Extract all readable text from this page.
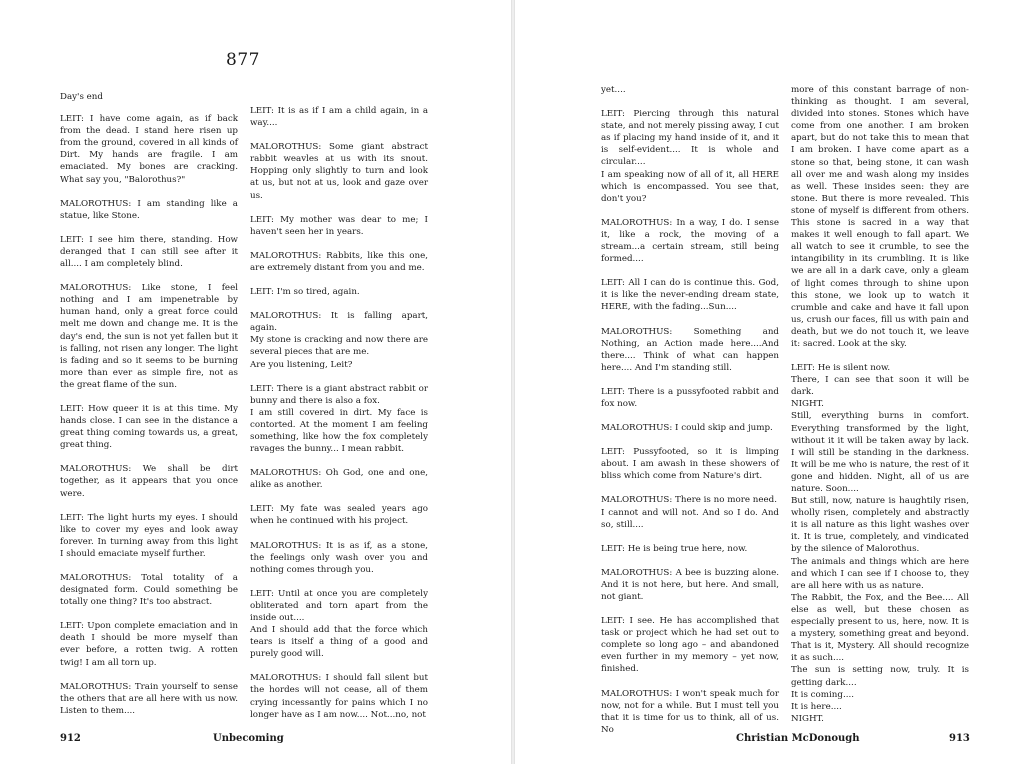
877

Day's end

LEIT: I have come again, as if back from the dead. I stand here risen up from the ground, covered in all kinds of Dirt. My hands are fragile. I am emaciated. My bones are cracking. What say you, "Balorothus?"

MALOROTHUS: I am standing like a statue, like Stone.

LEIT: I see him there, standing. How deranged that I can still see after it all.... I am completely blind.

MALOROTHUS: Like stone, I feel nothing and I am impenetrable by human hand, only a great force could melt me down and change me. It is the day's end, the sun is not yet fallen but it is falling, not risen any longer. The light is fading and so it seems to be burning more than ever as simple fire, not as the great flame of the sun.

LEIT: How queer it is at this time. My hands close. I can see in the distance a great thing coming towards us, a great, great thing.

MALOROTHUS: We shall be dirt together, as it appears that you once were.

LEIT: The light hurts my eyes. I should like to cover my eyes and look away forever. In turning away from this light I should emaciate myself further.

MALOROTHUS: Total totality of a designated form. Could something be totally one thing? It's too abstract.

LEIT: Upon complete emaciation and in death I should be more myself than ever before, a rotten twig. A rotten twig! I am all torn up.

MALOROTHUS: Train yourself to sense the others that are all here with us now. Listen to them....

LEIT: It is as if I am a child again, in a way....

MALOROTHUS: Some giant abstract rabbit weavles at us with its snout. Hopping only slightly to turn and look at us, but not at us, look and gaze over us.

LEIT: My mother was dear to me; I haven't seen her in years.

MALOROTHUS: Rabbits, like this one, are extremely distant from you and me.

LEIT: I'm so tired, again.

MALOROTHUS: It is falling apart, again.
My stone is cracking and now there are several pieces that are me.
Are you listening, Leit?

LEIT: There is a giant abstract rabbit or bunny and there is also a fox.
I am still covered in dirt. My face is contorted. At the moment I am feeling something, like how the fox completely ravages the bunny... I mean rabbit.

MALOROTHUS: Oh God, one and one, alike as another.

LEIT: My fate was sealed years ago when he continued with his project.

MALOROTHUS: It is as if, as a stone, the feelings only wash over you and nothing comes through you.

LEIT: Until at once you are completely obliterated and torn apart from the inside out....
And I should add that the force which tears is itself a thing of a good and purely good will.

MALOROTHUS: I should fall silent but the hordes will not cease, all of them crying incessantly for pains which I no longer have as I am now.... Not...no, not

yet....

LEIT: Piercing through this natural state, and not merely pissing away, I cut as if placing my hand inside of it, and it is self-evident.... It is whole and circular....
I am speaking now of all of it, all HERE which is encompassed. You see that, don't you?

MALOROTHUS: In a way, I do. I sense it, like a rock, the moving of a stream...a certain stream, still being formed....

LEIT: All I can do is continue this. God, it is like the never-ending dream state, HERE, with the fading...Sun....

MALOROTHUS: Something and Nothing, an Action made here....And there.... Think of what can happen here.... And I'm standing still.

LEIT: There is a pussyfooted rabbit and fox now.

MALOROTHUS: I could skip and jump.

LEIT: Pussyfooted, so it is limping about. I am awash in these showers of bliss which come from Nature's dirt.

MALOROTHUS: There is no more need.
I cannot and will not. And so I do. And so, still....

LEIT: He is being true here, now.

MALOROTHUS: A bee is buzzing alone. And it is not here, but here. And small, not giant.

LEIT: I see. He has accomplished that task or project which he had set out to complete so long ago – and abandoned even further in my memory – yet now, finished.

MALOROTHUS: I won't speak much for now, not for a while. But I must tell you that it is time for us to think, all of us. No

more of this constant barrage of non-thinking as thought. I am several, divided into stones. Stones which have come from one another. I am broken apart, but do not take this to mean that I am broken. I have come apart as a stone so that, being stone, it can wash all over me and wash along my insides as well. These insides seen: they are stone. But there is more revealed. This stone of myself is different from others. This stone is sacred in a way that makes it well enough to fall apart. We all watch to see it crumble, to see the intangibility in its crumbling. It is like we are all in a dark cave, only a gleam of light comes through to shine upon this stone, we look up to watch it crumble and cake and have it fall upon us, crush our faces, fill us with pain and death, but we do not touch it, we leave it: sacred. Look at the sky.

LEIT: He is silent now.
There, I can see that soon it will be dark.
NIGHT.
Still, everything burns in comfort. Everything transformed by the light, without it it will be taken away by lack. I will still be standing in the darkness. It will be me who is nature, the rest of it gone and hidden. Night, all of us are nature. Soon....
But still, now, nature is haughtily risen, wholly risen, completely and abstractly it is all nature as this light washes over it. It is true, completely, and vindicated by the silence of Malorothus.
The animals and things which are here and which I can see if I choose to, they are all here with us as nature.
The Rabbit, the Fox, and the Bee.... All else as well, but these chosen as especially present to us, here, now. It is a mystery, something great and beyond. That is it, Mystery. All should recognize it as such....
The sun is setting now, truly. It is getting dark....
It is coming....
It is here....
NIGHT.

912	Unbecoming	Christian McDonough	913
